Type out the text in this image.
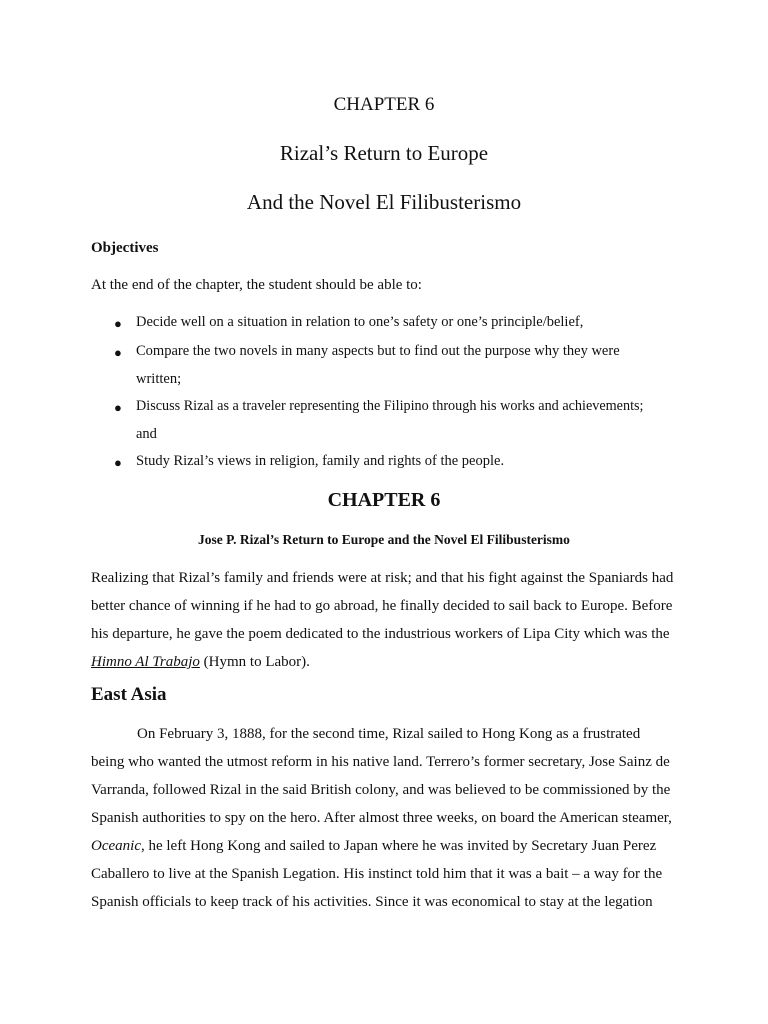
CHAPTER 6
Rizal’s Return to Europe
And the Novel El Filibusterismo
Objectives
At the end of the chapter, the student should be able to:
● Decide well on a situation in relation to one’s safety or one’s principle/belief,
● Compare the two novels in many aspects but to find out the purpose why they were
written;
● Discuss Rizal as a traveler representing the Filipino through his works and achievements;
and
● Study Rizal’s views in religion, family and rights of the people.
CHAPTER 6
Jose P. Rizal’s Return to Europe and the Novel El Filibusterismo
Realizing that Rizal’s family and friends were at risk; and that his fight against the Spaniards had
better chance of winning if he had to go abroad, he finally decided to sail back to Europe. Before
his departure, he gave the poem dedicated to the industrious workers of Lipa City which was the
Himno Al Trabajo (Hymn to Labor).
East Asia
On February 3, 1888, for the second time, Rizal sailed to Hong Kong as a frustrated
being who wanted the utmost reform in his native land. Terrero’s former secretary, Jose Sainz de
Varranda, followed Rizal in the said British colony, and was believed to be commissioned by the
Spanish authorities to spy on the hero. After almost three weeks, on board the American steamer,
Oceanic, he left Hong Kong and sailed to Japan where he was invited by Secretary Juan Perez
Caballero to live at the Spanish Legation. His instinct told him that it was a bait – a way for the
Spanish officials to keep track of his activities. Since it was economical to stay at the legation
